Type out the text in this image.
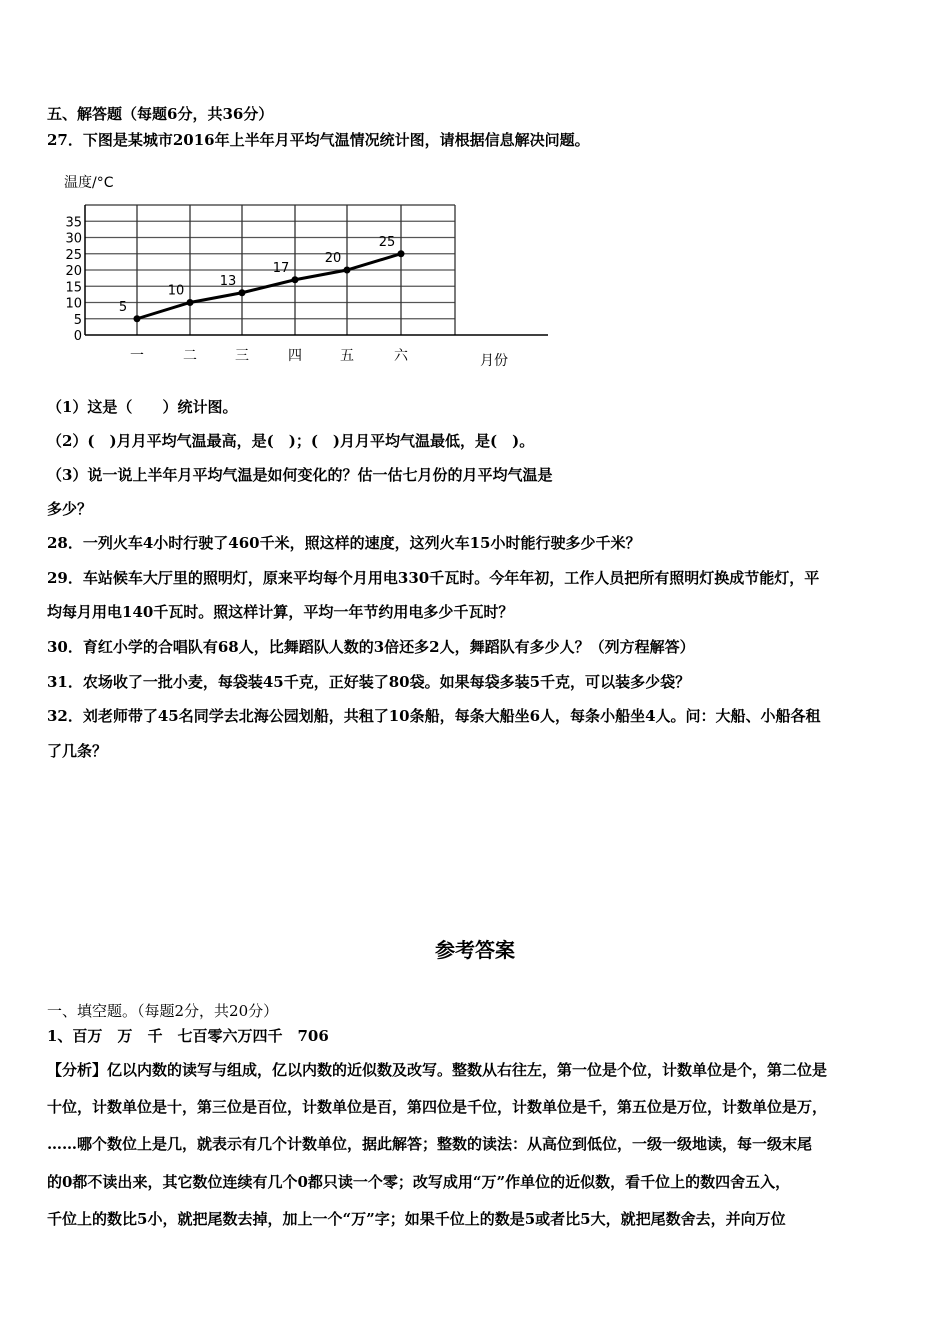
五、解答题（每题6分，共36分）
27．下图是某城市2016年上半年月平均气温情况统计图，请根据信息解决问题。
温度/°C
月份
0
5
10
15
20
25
30
35
5
一
10
二
13
三
17
四
20
五
25
六
（1）这是（　　）统计图。
（2）(　)月月平均气温最高，是(　)；(　)月月平均气温最低，是(　)。
（3）说一说上半年月平均气温是如何变化的？估一估七月份的月平均气温是
多少？
28．一列火车4小时行驶了460千米，照这样的速度，这列火车15小时能行驶多少千米？
29．车站候车大厅里的照明灯，原来平均每个月用电330千瓦时。今年年初，工作人员把所有照明灯换成节能灯，平
均每月用电140千瓦时。照这样计算，平均一年节约用电多少千瓦时？
30．育红小学的合唱队有68人，比舞蹈队人数的3倍还多2人，舞蹈队有多少人？（列方程解答）
31．农场收了一批小麦，每袋装45千克，正好装了80袋。如果每袋多装5千克，可以装多少袋？
32．刘老师带了45名同学去北海公园划船，共租了10条船，每条大船坐6人，每条小船坐4人。问：大船、小船各租
了几条？
参考答案
一、填空题。（每题2分，共20分）
1、百万　万　千　七百零六万四千　706
【分析】亿以内数的读写与组成，亿以内数的近似数及改写。整数从右往左，第一位是个位，计数单位是个，第二位是
十位，计数单位是十，第三位是百位，计数单位是百，第四位是千位，计数单位是千，第五位是万位，计数单位是万，
……哪个数位上是几，就表示有几个计数单位，据此解答；整数的读法：从高位到低位，一级一级地读，每一级末尾
的0都不读出来，其它数位连续有几个0都只读一个零；改写成用“万”作单位的近似数，看千位上的数四舍五入，
千位上的数比5小，就把尾数去掉，加上一个“万”字；如果千位上的数是5或者比5大，就把尾数舍去，并向万位
